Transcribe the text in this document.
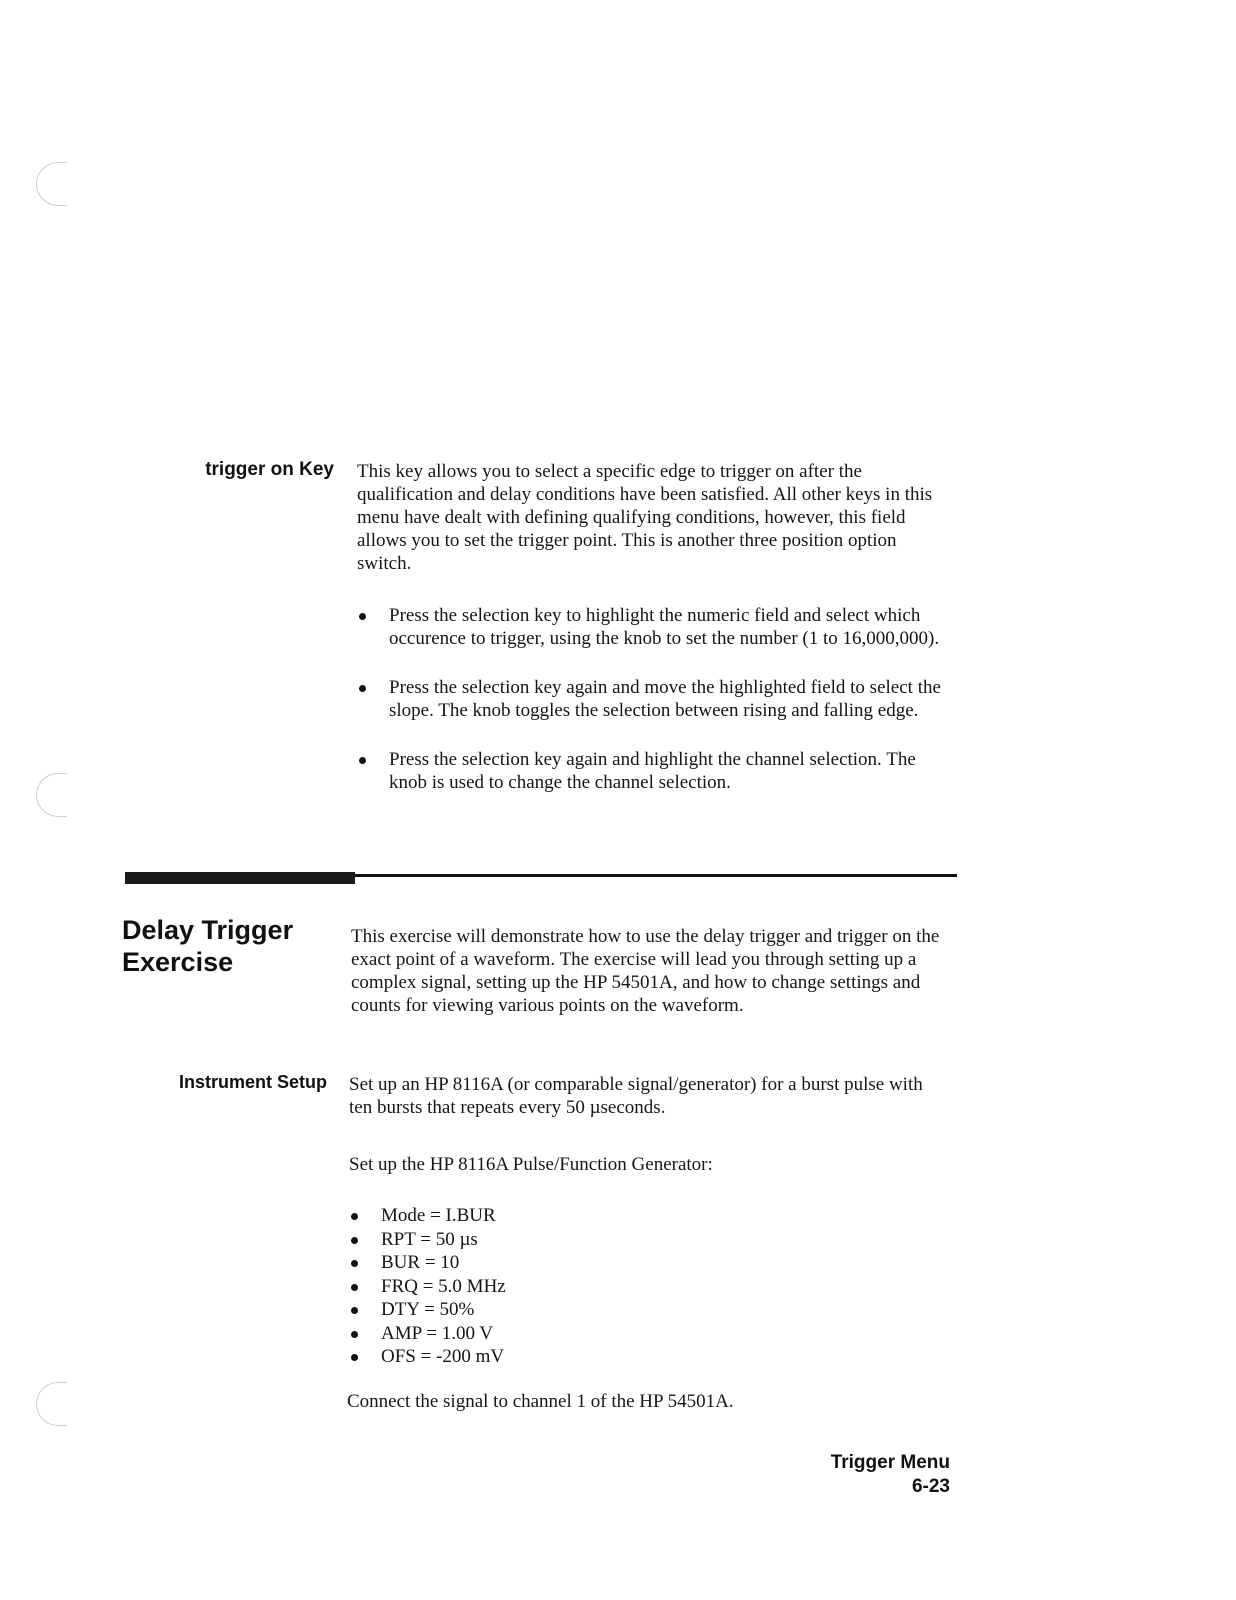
trigger on Key This key allows you to select a specific edge to trigger on after the qualification and delay conditions have been satisfied. All other keys in this menu have dealt with defining qualifying conditions, however, this field allows you to set the trigger point. This is another three position option switch.

Press the selection key to highlight the numeric field and select which occurence to trigger, using the knob to set the number (1 to 16,000,000).
Press the selection key again and move the highlighted field to select the slope. The knob toggles the selection between rising and falling edge.
Press the selection key again and highlight the channel selection. The knob is used to change the channel selection.
Delay Trigger
Exercise

This exercise will demonstrate how to use the delay trigger and trigger on the exact point of a waveform. The exercise will lead you through setting up a complex signal, setting up the HP 54501A, and how to change settings and counts for viewing various points on the waveform.

Instrument Setup Set up an HP 8116A (or comparable signal/generator) for a burst pulse with ten bursts that repeats every 50 µseconds.

Set up the HP 8116A Pulse/Function Generator:

Mode = I.BUR
RPT = 50 µs
BUR = 10
FRQ = 5.0 MHz
DTY = 50%
AMP = 1.00 V
OFS = -200 mV

Connect the signal to channel 1 of the HP 54501A.

Trigger Menu
6-23
